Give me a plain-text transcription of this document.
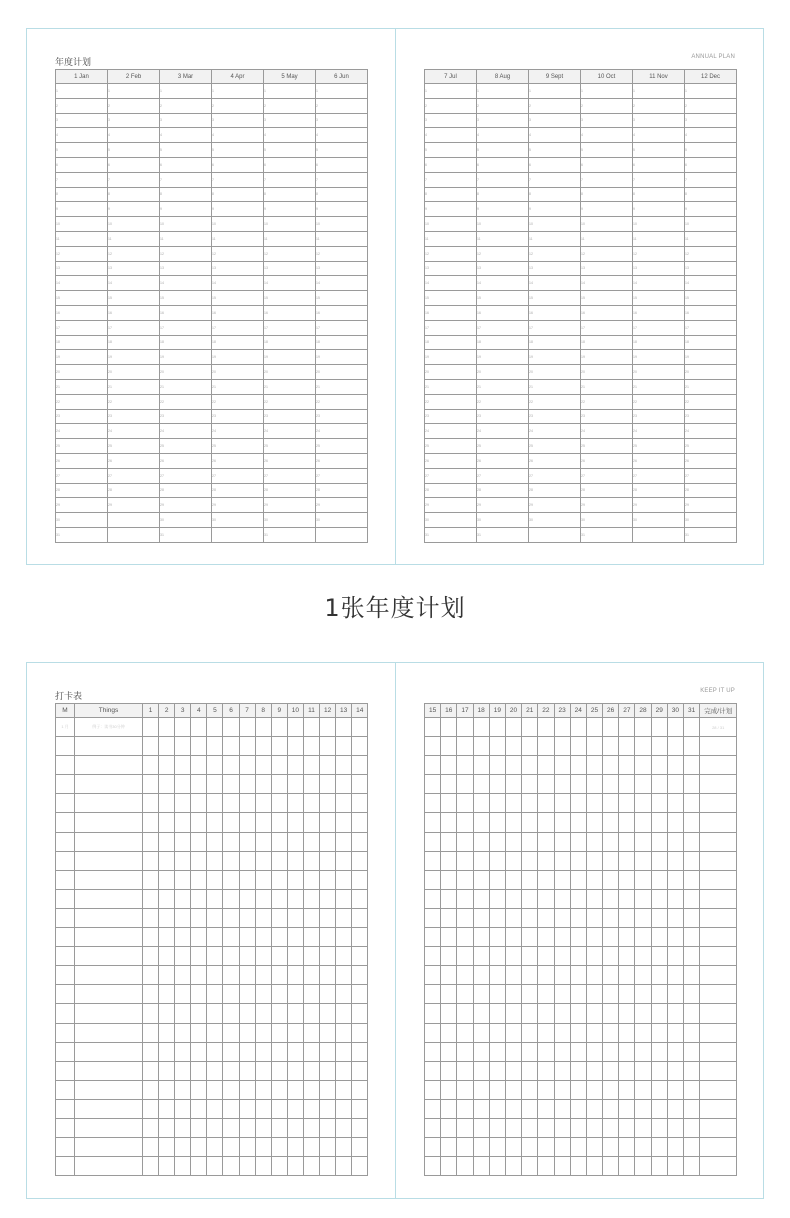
年度计划	ANNUAL PLAN
1 Jan	2 Feb	3 Mar	4 Apr	5 May	6 Jun
1	1	1	1	1	1
2	2	2	2	2	2
3	3	3	3	3	3
4	4	4	4	4	4
5	5	5	5	5	5
6	6	6	6	6	6
7	7	7	7	7	7
8	8	8	8	8	8
9	9	9	9	9	9
10	10	10	10	10	10
11	11	11	11	11	11
12	12	12	12	12	12
13	13	13	13	13	13
14	14	14	14	14	14
15	15	15	15	15	15
16	16	16	16	16	16
17	17	17	17	17	17
18	18	18	18	18	18
19	19	19	19	19	19
20	20	20	20	20	20
21	21	21	21	21	21
22	22	22	22	22	22
23	23	23	23	23	23
24	24	24	24	24	24
25	25	25	25	25	25
26	26	26	26	26	26
27	27	27	27	27	27
28	28	28	28	28	28
29	29	29	29	29	29
30		30	30	30	30
31		31		31	
7 Jul	8 Aug	9 Sept	10 Oct	11 Nov	12 Dec
1	1	1	1	1	1
2	2	2	2	2	2
3	3	3	3	3	3
4	4	4	4	4	4
5	5	5	5	5	5
6	6	6	6	6	6
7	7	7	7	7	7
8	8	8	8	8	8
9	9	9	9	9	9
10	10	10	10	10	10
11	11	11	11	11	11
12	12	12	12	12	12
13	13	13	13	13	13
14	14	14	14	14	14
15	15	15	15	15	15
16	16	16	16	16	16
17	17	17	17	17	17
18	18	18	18	18	18
19	19	19	19	19	19
20	20	20	20	20	20
21	21	21	21	21	21
22	22	22	22	22	22
23	23	23	23	23	23
24	24	24	24	24	24
25	25	25	25	25	25
26	26	26	26	26	26
27	27	27	27	27	27
28	28	28	28	28	28
29	29	29	29	29	29
30	30	30	30	30	30
31	31		31		31
1张年度计划
打卡表	KEEP IT UP
M	Things	1	2	3	4	5	6	7	8	9	10	11	12	13	14
1 月	例子：读书30分钟														

15	16	17	18	19	20	21	22	23	24	25	26	27	28	29	30	31	完成/计划
																	28 / 31
